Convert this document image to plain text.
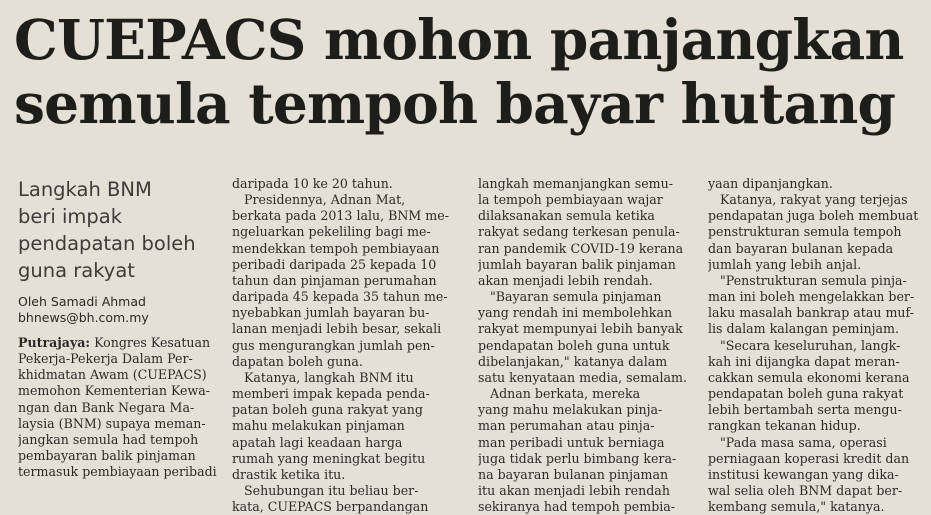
CUEPACS mohon panjangkan
semula tempoh bayar hutang
Langkah BNM
beri impak
pendapatan boleh
guna rakyat
Oleh Samadi Ahmad
bhnews@bh.com.my
Putrajaya: Kongres Kesatuan
Pekerja-Pekerja Dalam Per-
khidmatan Awam (CUEPACS)
memohon Kementerian Kewa-
ngan dan Bank Negara Ma-
laysia (BNM) supaya meman-
jangkan semula had tempoh
pembayaran balik pinjaman
termasuk pembiayaan peribadi
daripada 10 ke 20 tahun.
Presidennya, Adnan Mat,
berkata pada 2013 lalu, BNM me-
ngeluarkan pekeliling bagi me-
mendekkan tempoh pembiayaan
peribadi daripada 25 kepada 10
tahun dan pinjaman perumahan
daripada 45 kepada 35 tahun me-
nyebabkan jumlah bayaran bu-
lanan menjadi lebih besar, sekali
gus mengurangkan jumlah pen-
dapatan boleh guna.
Katanya, langkah BNM itu
memberi impak kepada penda-
patan boleh guna rakyat yang
mahu melakukan pinjaman
apatah lagi keadaan harga
rumah yang meningkat begitu
drastik ketika itu.
Sehubungan itu beliau ber-
kata, CUEPACS berpandangan
langkah memanjangkan semu-
la tempoh pembiayaan wajar
dilaksanakan semula ketika
rakyat sedang terkesan penula-
ran pandemik COVID-19 kerana
jumlah bayaran balik pinjaman
akan menjadi lebih rendah.
"Bayaran semula pinjaman
yang rendah ini membolehkan
rakyat mempunyai lebih banyak
pendapatan boleh guna untuk
dibelanjakan," katanya dalam
satu kenyataan media, semalam.
Adnan berkata, mereka
yang mahu melakukan pinja-
man perumahan atau pinja-
man peribadi untuk berniaga
juga tidak perlu bimbang kera-
na bayaran bulanan pinjaman
itu akan menjadi lebih rendah
sekiranya had tempoh pembia-
yaan dipanjangkan.
Katanya, rakyat yang terjejas
pendapatan juga boleh membuat
penstrukturan semula tempoh
dan bayaran bulanan kepada
jumlah yang lebih anjal.
"Penstrukturan semula pinja-
man ini boleh mengelakkan ber-
laku masalah bankrap atau muf-
lis dalam kalangan peminjam.
"Secara keseluruhan, langk-
kah ini dijangka dapat meran-
cakkan semula ekonomi kerana
pendapatan boleh guna rakyat
lebih bertambah serta mengu-
rangkan tekanan hidup.
"Pada masa sama, operasi
perniagaan koperasi kredit dan
institusi kewangan yang dika-
wal selia oleh BNM dapat ber-
kembang semula," katanya.
